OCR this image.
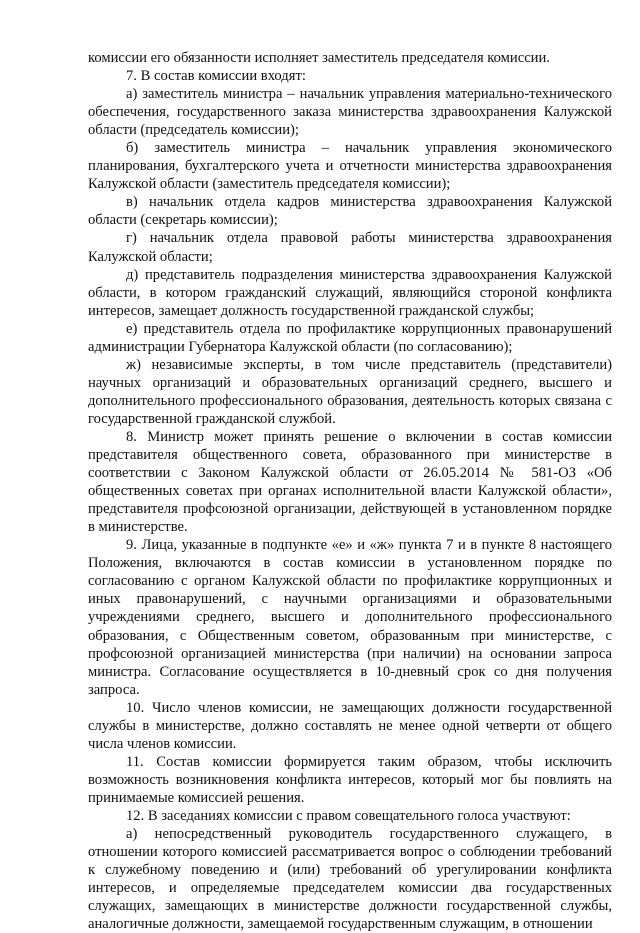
комиссии его обязанности исполняет заместитель председателя комиссии.

7. В состав комиссии входят:

а) заместитель министра – начальник управления материально-технического обеспечения, государственного заказа министерства здравоохранения Калужской области (председатель комиссии);

б) заместитель министра – начальник управления экономического планирования, бухгалтерского учета и отчетности министерства здравоохранения Калужской области (заместитель председателя комиссии);

в) начальник отдела кадров министерства здравоохранения Калужской области (секретарь комиссии);

г) начальник отдела правовой работы министерства здравоохранения Калужской области;

д) представитель подразделения министерства здравоохранения Калужской области, в котором гражданский служащий, являющийся стороной конфликта интересов, замещает должность государственной гражданской службы;

е) представитель отдела по профилактике коррупционных правонарушений администрации Губернатора Калужской области (по согласованию);

ж) независимые эксперты, в том числе представитель (представители) научных организаций и образовательных организаций среднего, высшего и дополнительного профессионального образования, деятельность которых связана с государственной гражданской службой.

8. Министр может принять решение о включении в состав комиссии представителя общественного совета, образованного при министерстве в соответствии с Законом Калужской области от 26.05.2014 № 581-ОЗ «Об общественных советах при органах исполнительной власти Калужской области», представителя профсоюзной организации, действующей в установленном порядке в министерстве.

9. Лица, указанные в подпункте «е» и «ж» пункта 7 и в пункте 8 настоящего Положения, включаются в состав комиссии в установленном порядке по согласованию с органом Калужской области по профилактике коррупционных и иных правонарушений, с научными организациями и образовательными учреждениями среднего, высшего и дополнительного профессионального образования, с Общественным советом, образованным при министерстве, с профсоюзной организацией министерства (при наличии) на основании запроса министра. Согласование осуществляется в 10-дневный срок со дня получения запроса.

10. Число членов комиссии, не замещающих должности государственной службы в министерстве, должно составлять не менее одной четверти от общего числа членов комиссии.

11. Состав комиссии формируется таким образом, чтобы исключить возможность возникновения конфликта интересов, который мог бы повлиять на принимаемые комиссией решения.

12. В заседаниях комиссии с правом совещательного голоса участвуют:

а) непосредственный руководитель государственного служащего, в отношении которого комиссией рассматривается вопрос о соблюдении требований к служебному поведению и (или) требований об урегулировании конфликта интересов, и определяемые председателем комиссии два государственных служащих, замещающих в министерстве должности государственной службы, аналогичные должности, замещаемой государственным служащим, в отношении
